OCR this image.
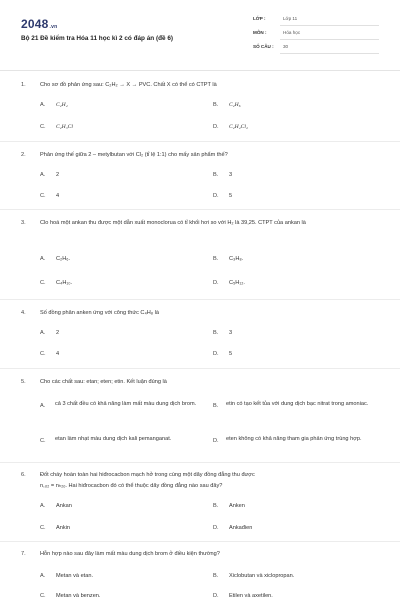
2048.vn
Bộ 21 Đề kiểm tra Hóa 11 học kì 2 có đáp án (đề 6)
LỚP :	Lớp 11
MÔN :	Hóa học
SỐ CÂU : 30
1.	Cho sơ đồ phản ứng sau: C₂H₂ → X → PVC. Chất X có thể có CTPT là
A. C₂H₄	B. C₂H₆
C. C₂H₃Cl	D. C₂H₄Cl₂
2.	Phản ứng thế giữa 2 – metylbutan với Cl₂ (tỉ lệ 1:1) cho mấy sản phẩm thế?
A. 2	B. 3
C. 4	D. 5
3.	Clo hoá một ankan thu được một dẫn xuất monoclorua có tỉ khối hơi so với H₂ là 39,25. CTPT của ankan là
A. C₂H₆.	B. C₃H₈.
C. C₄H₁₀.	D. C₅H₁₂.
4.	Số đồng phân anken ứng với công thức C₄H₈ là
A. 2	B. 3
C. 4	D. 5
5.	Cho các chất sau: etan; eten; etin. Kết luận đúng là
A. cả 3 chất đều có khả năng làm mất màu dung dịch brom.	B. etin có tạo kết tủa với dung dịch bạc nitrat trong amoniac.
C. etan làm nhạt màu dung dịch kali pemanganat.	D. eten không có khả năng tham gia phản ứng trùng hợp.
6.	Đốt cháy hoàn toàn hai hiđrocacbon mạch hở trong cùng một dãy đồng đẳng thu được
n꜀ₒ₂ = nₕ₂ₒ. Hai hiđrocacbon đó có thể thuộc dãy đồng đẳng nào sau đây?
A. Ankan	B. Anken
C. Ankin	D. Ankađien
7.	Hỗn hợp nào sau đây làm mất màu dung dịch brom ở điều kiện thường?
A. Metan và etan.	B. Xiclobutan và xiclopropan.
C. Metan và benzen.	D. Etilen và axetilen.
